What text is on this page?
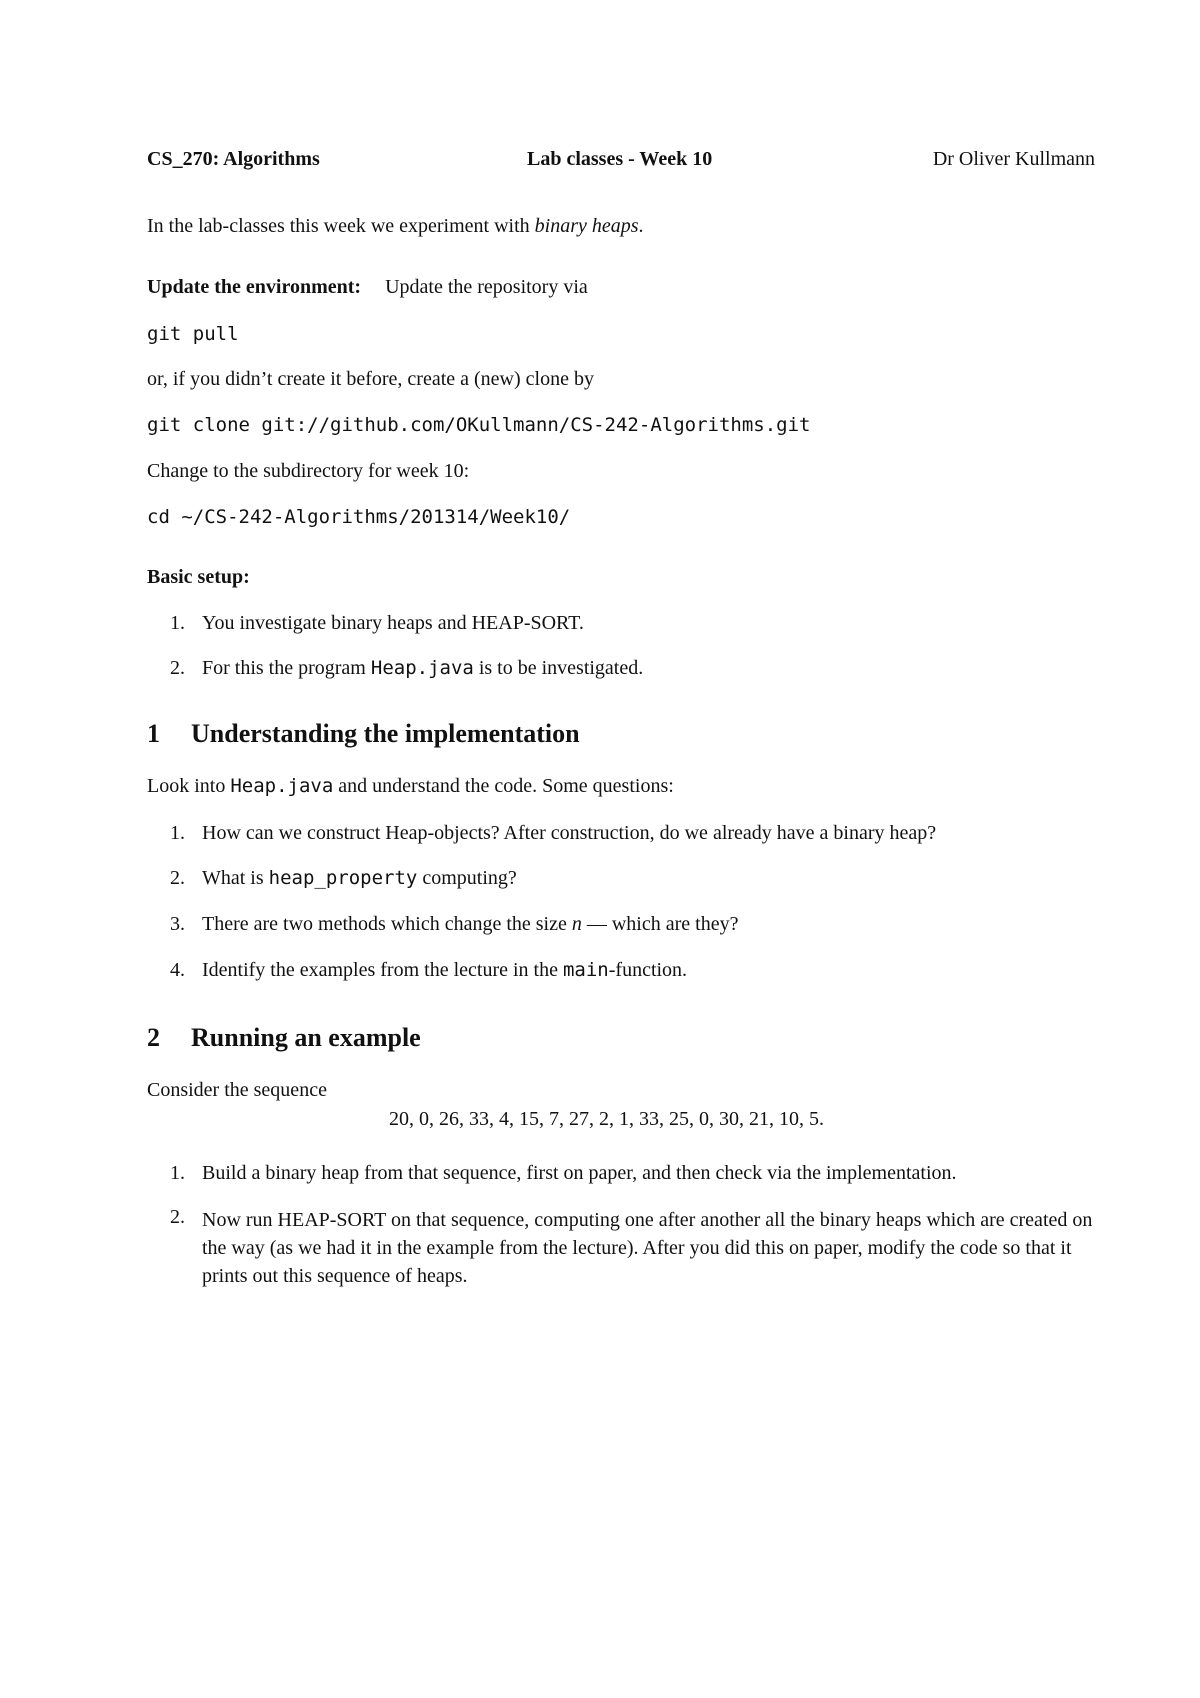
CS_270: Algorithms	Lab classes - Week 10	Dr Oliver Kullmann
In the lab-classes this week we experiment with binary heaps.
Update the environment: Update the repository via
git pull
or, if you didn’t create it before, create a (new) clone by
git clone git://github.com/OKullmann/CS-242-Algorithms.git
Change to the subdirectory for week 10:
cd ~/CS-242-Algorithms/201314/Week10/
Basic setup:
1. You investigate binary heaps and HEAP-SORT.
2. For this the program Heap.java is to be investigated.
1 Understanding the implementation
Look into Heap.java and understand the code. Some questions:
1. How can we construct Heap-objects? After construction, do we already have a binary heap?
2. What is heap_property computing?
3. There are two methods which change the size n — which are they?
4. Identify the examples from the lecture in the main-function.
2 Running an example
Consider the sequence
20, 0, 26, 33, 4, 15, 7, 27, 2, 1, 33, 25, 0, 30, 21, 10, 5.
1. Build a binary heap from that sequence, first on paper, and then check via the implementation.
2. Now run HEAP-SORT on that sequence, computing one after another all the binary heaps which are created on the way (as we had it in the example from the lecture). After you did this on paper, modify the code so that it prints out this sequence of heaps.
